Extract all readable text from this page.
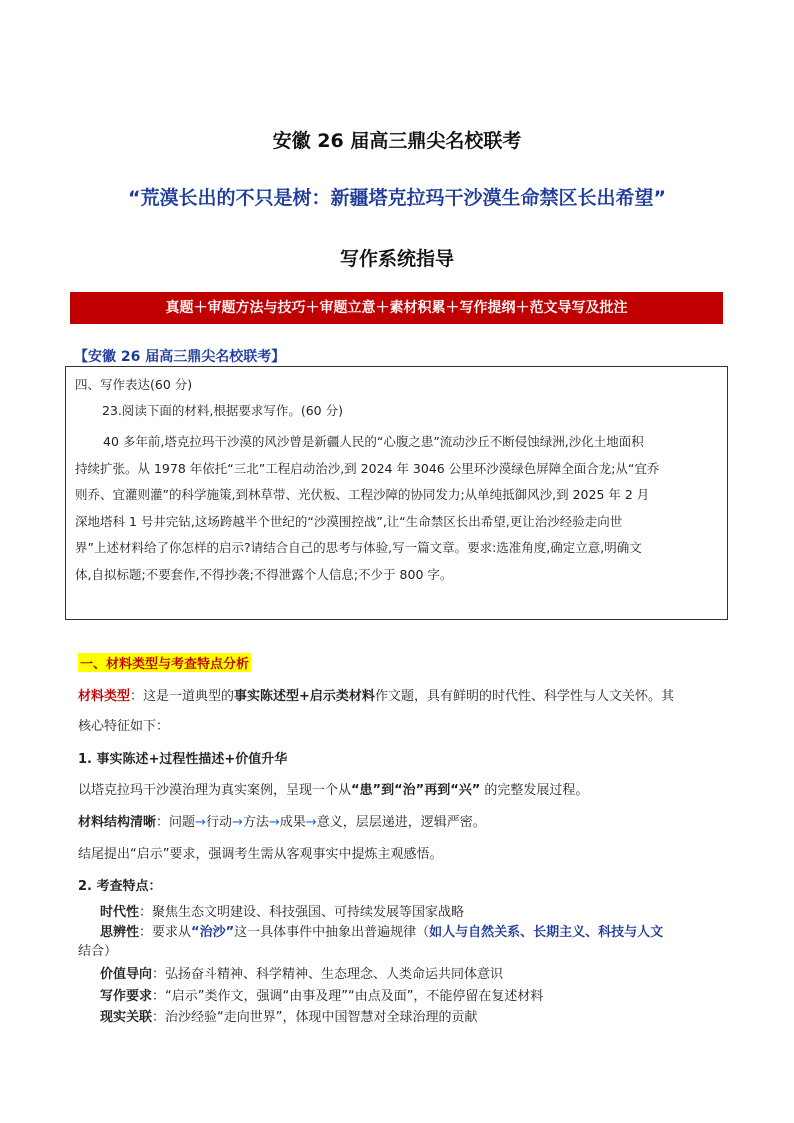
安徽 26 届高三鼎尖名校联考
“荒漠长出的不只是树：新疆塔克拉玛干沙漠生命禁区长出希望”
写作系统指导
真题＋审题方法与技巧＋审题立意＋素材积累＋写作提纲＋范文导写及批注
【安徽 26 届高三鼎尖名校联考】
四、写作表达(60 分)
23.阅读下面的材料,根据要求写作。(60 分)
40 多年前,塔克拉玛干沙漠的风沙曾是新疆人民的“心腹之患”流动沙丘不断侵蚀绿洲,沙化土地面积
持续扩张。从 1978 年依托“三北”工程启动治沙,到 2024 年 3046 公里环沙漠绿色屏障全面合龙;从“宜乔
则乔、宜灌则灌”的科学施策,到林草带、光伏板、工程沙障的协同发力;从单纯抵御风沙,到 2025 年 2 月
深地塔科 1 号井完钻,这场跨越半个世纪的“沙漠围控战”,让“生命禁区长出希望,更让治沙经验走向世
界”上述材料给了你怎样的启示?请结合自己的思考与体验,写一篇文章。要求:选准角度,确定立意,明确文
体,自拟标题;不要套作,不得抄袭;不得泄露个人信息;不少于 800 字。
一、材料类型与考查特点分析
材料类型：这是一道典型的事实陈述型+启示类材料作文题，具有鲜明的时代性、科学性与人文关怀。其
核心特征如下：
1. 事实陈述+过程性描述+价值升华
以塔克拉玛干沙漠治理为真实案例，呈现一个从“患”到“治”再到“兴” 的完整发展过程。
材料结构清晰：问题→行动→方法→成果→意义，层层递进，逻辑严密。
结尾提出“启示”要求，强调考生需从客观事实中提炼主观感悟。
2. 考查特点：
时代性：聚焦生态文明建设、科技强国、可持续发展等国家战略
思辨性：要求从“治沙”这一具体事件中抽象出普遍规律（如人与自然关系、长期主义、科技与人文
结合）
价值导向：弘扬奋斗精神、科学精神、生态理念、人类命运共同体意识
写作要求：“启示”类作文，强调“由事及理”“由点及面”，不能停留在复述材料
现实关联：治沙经验“走向世界”，体现中国智慧对全球治理的贡献
